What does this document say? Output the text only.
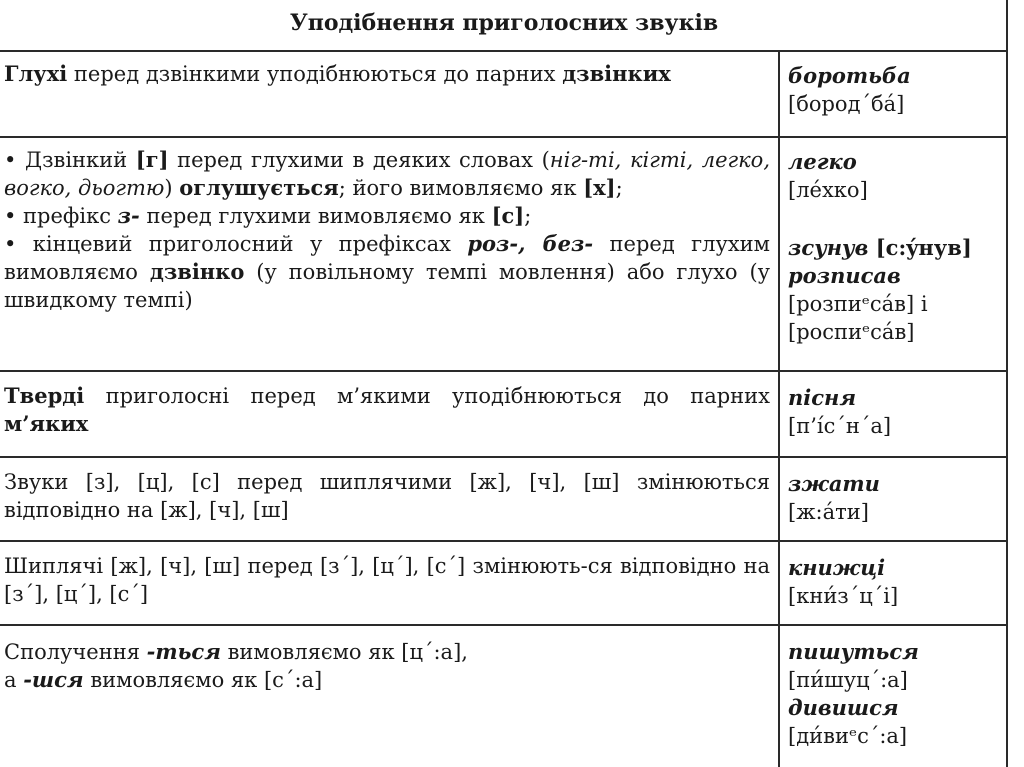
Уподібнення приголосних звуків
Глухі перед дзвінкими уподібнюються до парних дзвінких	боротьба
[бород´ба́]
• Дзвінкий [г] перед глухими в деяких словах (ніг-ті, кігті, легко, вогко, дьогтю) оглушується; його вимовляємо як [х];
• префікс з- перед глухими вимовляємо як [с];
• кінцевий приголосний у префіксах роз-, без- перед глухим вимовляємо дзвінко (у повільному темпі мовлення) або глухо (у швидкому темпі)
легко
[ле́хко]
зсунув [с:ýнув]
розписав
[розпиᵉса́в] і
[роспиᵉса́в]
Тверді приголосні перед м’якими уподібнюються до парних м’яких
пісня
[п’і́с´н´а]
Звуки [з], [ц], [с] перед шиплячими [ж], [ч], [ш] змінюються відповідно на [ж], [ч], [ш]
зжати
[ж:а́ти]
Шиплячі [ж], [ч], [ш] перед [з´], [ц´], [с´] змінюють-ся відповідно на [з´], [ц´], [с´]
книжці
[кни́з´ц´і]
Сполучення -ться вимовляємо як [ц´:а],
а -шся вимовляємо як [с´:а]
пишуться
[пи́шуц´:а]
дивишся
[ди́виᵉс´:а]
